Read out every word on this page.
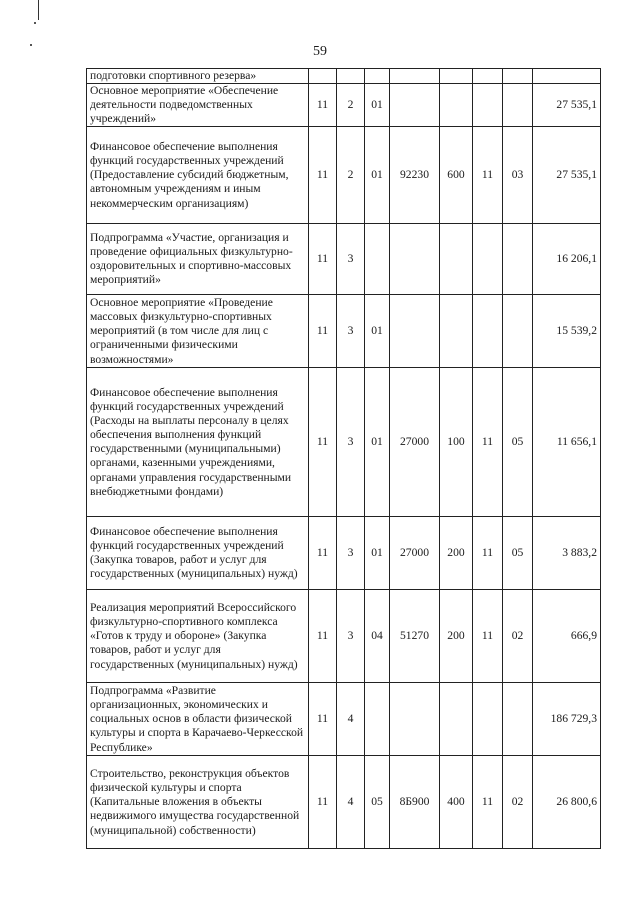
59
подготовки спортивного резерва»								
Основное мероприятие «Обеспечение деятельности подведомственных учреждений»	11	2	01					27 535,1
Финансовое обеспечение выполнения функций государственных учреждений (Предоставление субсидий бюджетным, автономным учреждениям и иным некоммерческим организациям)	11	2	01	92230	600	11	03	27 535,1
Подпрограмма «Участие, организация и проведение официальных физкультурно-оздоровительных и спортивно-массовых мероприятий»	11	3						16 206,1
Основное мероприятие «Проведение массовых физкультурно-спортивных мероприятий (в том числе для лиц с ограниченными физическими возможностями»	11	3	01					15 539,2
Финансовое обеспечение выполнения функций государственных учреждений (Расходы на выплаты персоналу в целях обеспечения выполнения функций государственными (муниципальными) органами, казенными учреждениями, органами управления государственными внебюджетными фондами)	11	3	01	27000	100	11	05	11 656,1
Финансовое обеспечение выполнения функций государственных учреждений (Закупка товаров, работ и услуг для государственных (муниципальных) нужд)	11	3	01	27000	200	11	05	3 883,2
Реализация мероприятий Всероссийского физкультурно-спортивного комплекса «Готов к труду и обороне» (Закупка товаров, работ и услуг для государственных (муниципальных) нужд)	11	3	04	51270	200	11	02	666,9
Подпрограмма «Развитие организационных, экономических и социальных основ в области физической культуры и спорта в Карачаево-Черкесской Республике»	11	4						186 729,3
Строительство, реконструкция объектов физической культуры и спорта (Капитальные вложения в объекты недвижимого имущества государственной (муниципальной) собственности)	11	4	05	8Б900	400	11	02	26 800,6
